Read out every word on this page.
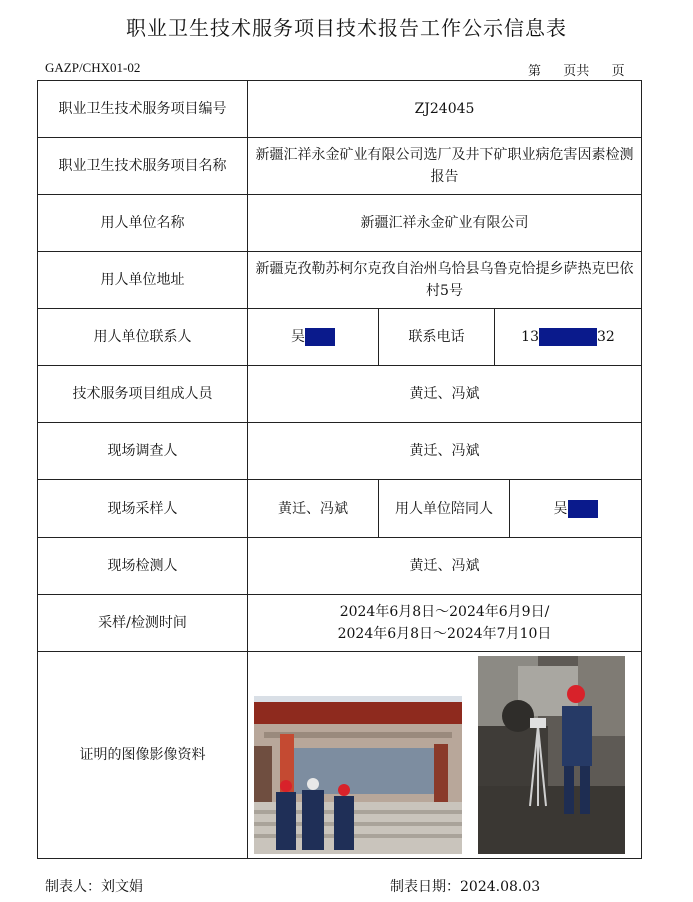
职业卫生技术服务项目技术报告工作公示信息表
GAZP/CHX01-02	第 页共 页
职业卫生技术服务项目编号	ZJ24045			
职业卫生技术服务项目名称	新疆汇祥永金矿业有限公司选厂及井下矿职业病危害因素检测报告			
用人单位名称	新疆汇祥永金矿业有限公司			
用人单位地址	新疆克孜勒苏柯尔克孜自治州乌恰县乌鲁克恰提乡萨热克巴依村5号			
用人单位联系人	吴	联系电话	13 32	
技术服务项目组成人员	黄迁、冯斌			
现场调查人	黄迁、冯斌			
现场采样人	黄迁、冯斌	用人单位陪同人		吴
现场检测人	黄迁、冯斌			
采样/检测时间	2024年6月8日～2024年6月9日/
2024年6月8日～2024年7月10日			

证明的图像影像资料	
制表人：刘文娟	制表日期：2024.08.03
